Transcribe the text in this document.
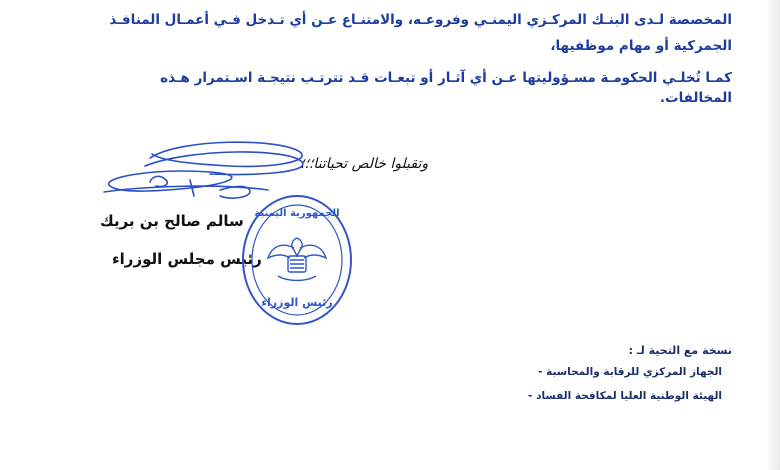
المخصصة لـدى البنـك المركـزي اليمنـي وفروعـه، والامتنـاع عـن أي تـدخل فـي أعمـال المنافـذ
الجمركية أو مهام موظفيها،
كمـا تُخلـي الحكومـة مسـؤوليتها عـن أي آثـار أو تبعـات قـد تترتـب نتيجـة اسـتمرار هـذه
المخالفات.
وتقبلوا خالص تحياتنا؛؛؛
سالم صالح بن بريك
رئيس مجلس الوزراء
الجمهورية اليمنية
رئيس الوزراء
نسخة مع التحية لـ :
الجهاز المركزي للرقابة والمحاسبة -
الهيئة الوطنية العليا لمكافحة الفساد -
